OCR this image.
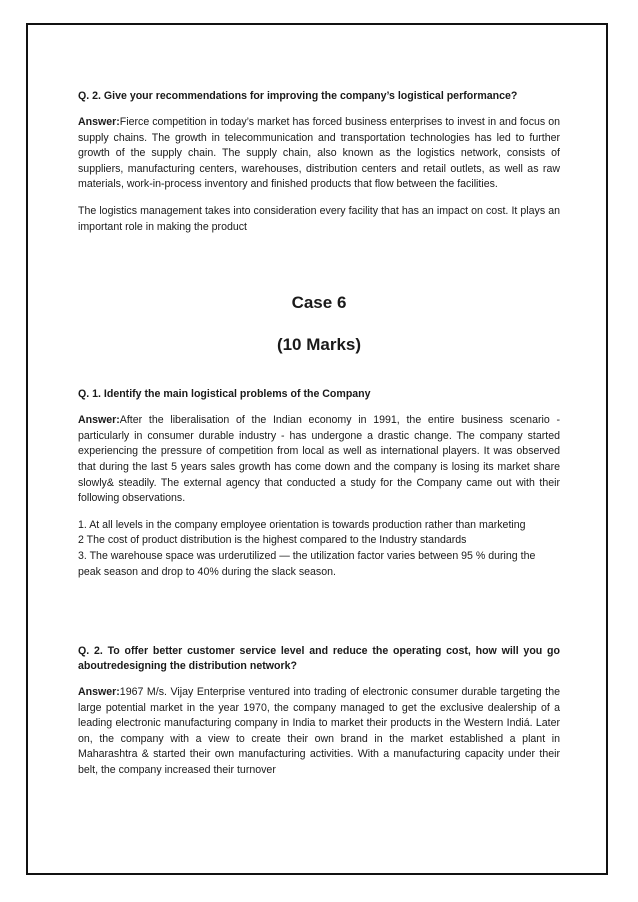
Q. 2. Give your recommendations for improving the company’s logistical performance?

Answer:Fierce competition in today’s market has forced business enterprises to invest in and focus on supply chains. The growth in telecommunication and transportation technologies has led to further growth of the supply chain. The supply chain, also known as the logistics network, consists of suppliers, manufacturing centers, warehouses, distribution centers and retail outlets, as well as raw materials, work-in-process inventory and finished products that flow between the facilities.

The logistics management takes into consideration every facility that has an impact on cost. It plays an important role in making the product

Case 6

(10 Marks)

Q. 1. Identify the main logistical problems of the Company

Answer:After the liberalisation of the Indian economy in 1991, the entire business scenario - particularly in consumer durable industry - has undergone a drastic change. The company started experiencing the pressure of competition from local as well as international players. It was observed that during the last 5 years sales growth has come down and the company is losing its market share slowly& steadily. The external agency that conducted a study for the Company came out with their following observations.

1. At all levels in the company employee orientation is towards production rather than marketing
2 The cost of product distribution is the highest compared to the Industry standards
3. The warehouse space was urderutilized — the utilization factor varies between 95 % during the peak season and drop to 40% during the slack season.

Q. 2. To offer better customer service level and reduce the operating cost, how will you go aboutredesigning the distribution network?

Answer:1967 M/s. Vijay Enterprise ventured into trading of electronic consumer durable targeting the large potential market in the year 1970, the company managed to get the exclusive dealership of a leading electronic manufacturing company in India to market their products in the Western Indiá. Later on, the company with a view to create their own brand in the market established a plant in Maharashtra & started their own manufacturing activities. With a manufacturing capacity under their belt, the company increased their turnover
